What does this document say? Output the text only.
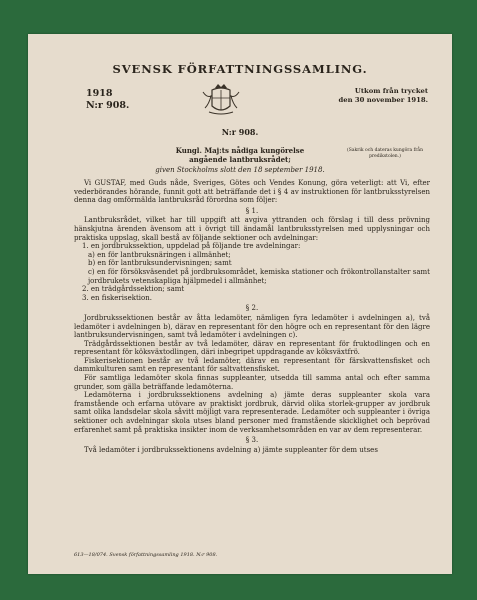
SVENSK FÖRFATTNINGSSAMLING.
1918
N:r 908.
Utkom från trycket
den 30 november 1918.
N:r 908.
(Sakrik och dateras kungöra från predikstolen.)
Kungl. Maj:ts nådiga kungörelse
angående lantbruksrådet;
given Stockholms slott den 18 september 1918.

Vi GUSTAF, med Guds nåde, Sveriges, Götes och Vendes Konung, göra veterligt: att Vi, efter vederbörandes hörande, funnit gott att beträffande det i § 4 av instruktionen för lantbruksstyrelsen denna dag omförmälda lantbruksråd förordna som följer:

§ 1.

Lantbruksrådet, vilket har till uppgift att avgiva yttranden och förslag i till dess prövning hänskjutna ärenden ävensom att i övrigt till ändamål lantbruksstyrelsen med upplysningar och praktiska uppslag, skall bestå av följande sektioner och avdelningar:

1. en jordbrukssektion, uppdelad på följande tre avdelningar:

a) en för lantbruksnäringen i allmänhet;

b) en för lantbruksundervisningen; samt

c) en för försöksväsendet på jordbruksområdet, kemiska stationer och frökontrollanstalter samt jordbrukets vetenskapliga hjälpmedel i allmänhet;

2. en trädgårdssektion; samt

3. en fiskerisektion.

§ 2.

Jordbrukssektionen består av åtta ledamöter, nämligen fyra ledamöter i avdelningen a), två ledamöter i avdelningen b), därav en representant för den högre och en representant för den lägre lantbruksundervisningen, samt två ledamöter i avdelningen c).

Trädgårdssektionen består av två ledamöter, därav en representant för fruktodlingen och en representant för köksväxtodlingen, däri inbegripet uppdragande av köksväxtfrö.

Fiskerisektionen består av två ledamöter, därav en representant för färskvattensfisket och dammkulturen samt en representant för saltvattensfisket.

För samtliga ledamöter skola finnas suppleanter, utsedda till samma antal och efter samma grunder, som gälla beträffande ledamöterna.

Ledamöterna i jordbrukssektionens avdelning a) jämte deras suppleanter skola vara framstående och erfarna utövare av praktiskt jordbruk, därvid olika storlek-grupper av jordbruk samt olika landsdelar skola såvitt möjligt vara representerade. Ledamöter och suppleanter i övriga sektioner och avdelningar skola utses bland personer med framstående skicklighet och beprövad erfarenhet samt på praktiska insikter inom de verksamhetsområden en var av dem representerar.

§ 3.

Två ledamöter i jordbrukssektionens avdelning a) jämte suppleanter för dem utses

613—18/074. Svensk författningssamling 1918. N:r 908.
